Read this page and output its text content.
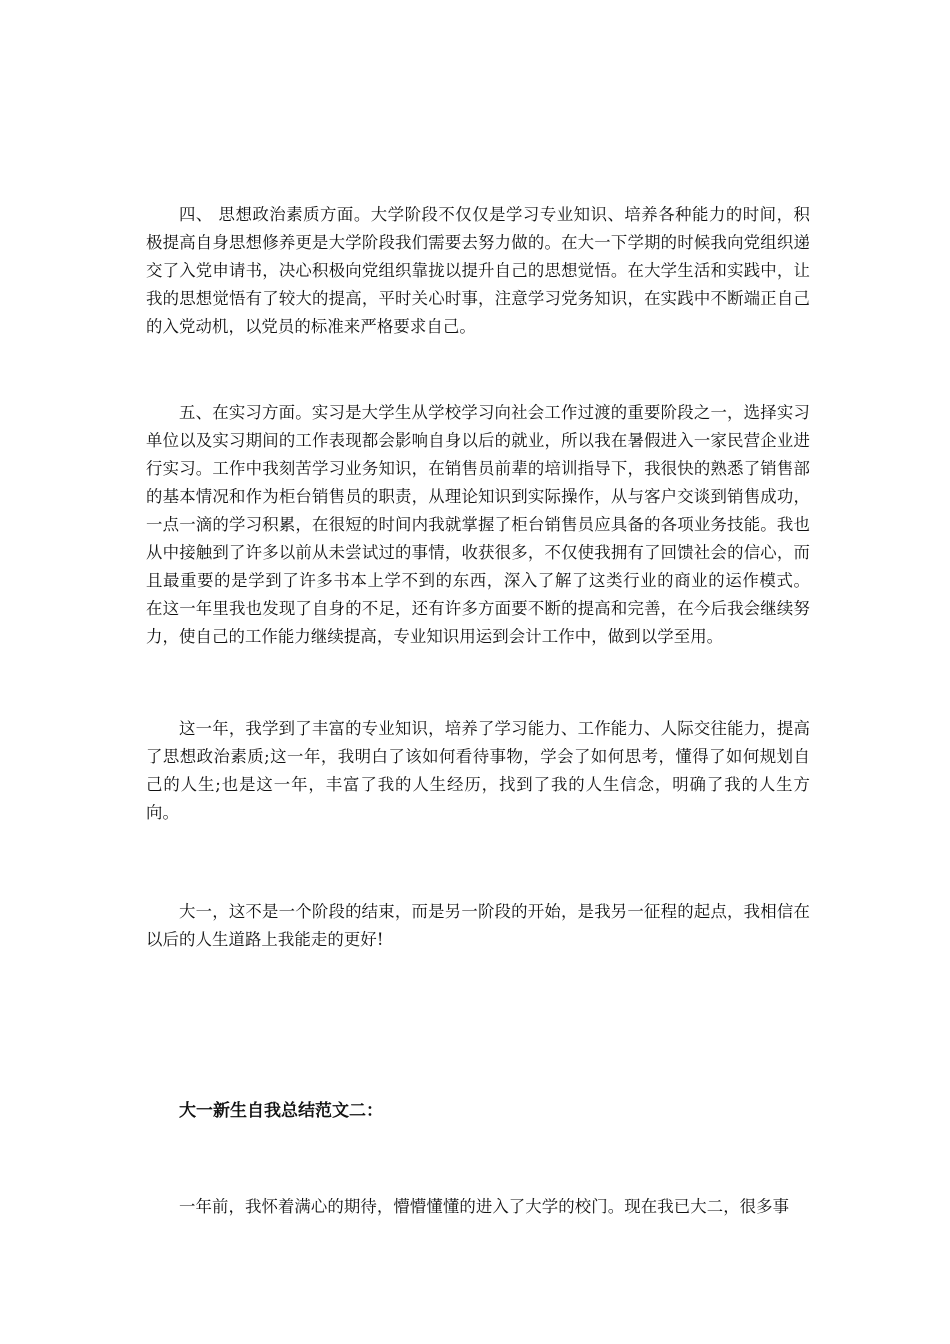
四、 思想政治素质方面。大学阶段不仅仅是学习专业知识、培养各种能力的时间，积极提高自身思想修养更是大学阶段我们需要去努力做的。在大一下学期的时候我向党组织递交了入党申请书，决心积极向党组织靠拢以提升自己的思想觉悟。在大学生活和实践中，让我的思想觉悟有了较大的提高，平时关心时事，注意学习党务知识，在实践中不断端正自己的入党动机，以党员的标准来严格要求自己。

五、在实习方面。实习是大学生从学校学习向社会工作过渡的重要阶段之一，选择实习单位以及实习期间的工作表现都会影响自身以后的就业，所以我在暑假进入一家民营企业进行实习。工作中我刻苦学习业务知识，在销售员前辈的培训指导下，我很快的熟悉了销售部的基本情况和作为柜台销售员的职责，从理论知识到实际操作，从与客户交谈到销售成功，一点一滴的学习积累，在很短的时间内我就掌握了柜台销售员应具备的各项业务技能。我也从中接触到了许多以前从未尝试过的事情，收获很多，不仅使我拥有了回馈社会的信心，而且最重要的是学到了许多书本上学不到的东西，深入了解了这类行业的商业的运作模式。 在这一年里我也发现了自身的不足，还有许多方面要不断的提高和完善，在今后我会继续努力，使自己的工作能力继续提高，专业知识用运到会计工作中，做到以学至用。

这一年，我学到了丰富的专业知识，培养了学习能力、工作能力、人际交往能力，提高了思想政治素质;这一年，我明白了该如何看待事物，学会了如何思考，懂得了如何规划自己的人生;也是这一年，丰富了我的人生经历，找到了我的人生信念，明确了我的人生方向。

大一，这不是一个阶段的结束，而是另一阶段的开始，是我另一征程的起点，我相信在以后的人生道路上我能走的更好!

大一新生自我总结范文二：

一年前，我怀着满心的期待，懵懵懂懂的进入了大学的校门。现在我已大二，很多事
